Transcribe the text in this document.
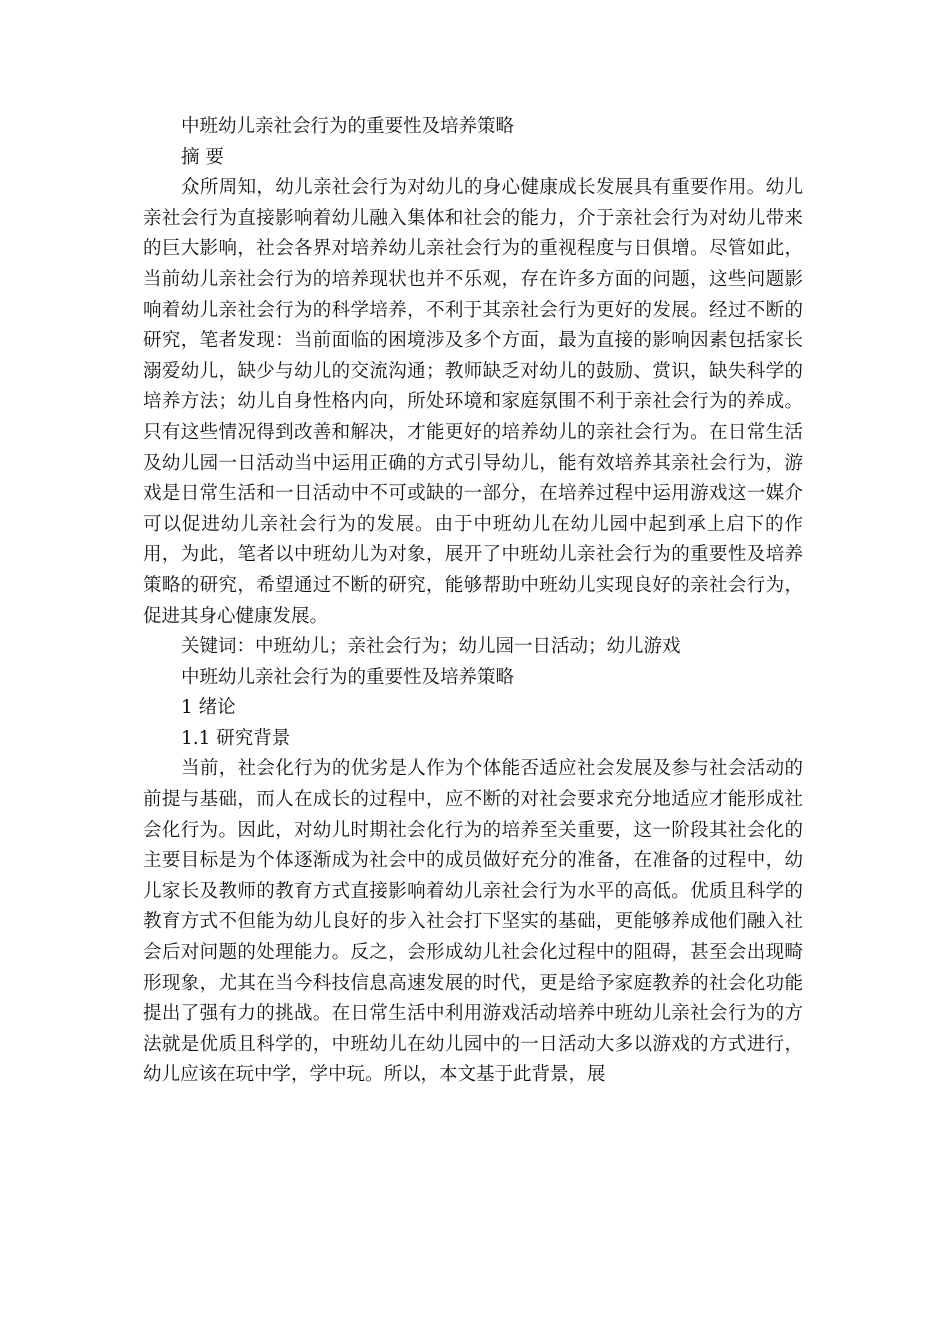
中班幼儿亲社会行为的重要性及培养策略

摘 要

众所周知，幼儿亲社会行为对幼儿的身心健康成长发展具有重要作用。幼儿亲社会行为直接影响着幼儿融入集体和社会的能力，介于亲社会行为对幼儿带来的巨大影响，社会各界对培养幼儿亲社会行为的重视程度与日俱增。尽管如此，当前幼儿亲社会行为的培养现状也并不乐观，存在许多方面的问题，这些问题影响着幼儿亲社会行为的科学培养，不利于其亲社会行为更好的发展。经过不断的研究，笔者发现：当前面临的困境涉及多个方面，最为直接的影响因素包括家长溺爱幼儿，缺少与幼儿的交流沟通；教师缺乏对幼儿的鼓励、赏识，缺失科学的培养方法；幼儿自身性格内向，所处环境和家庭氛围不利于亲社会行为的养成。只有这些情况得到改善和解决，才能更好的培养幼儿的亲社会行为。在日常生活及幼儿园一日活动当中运用正确的方式引导幼儿，能有效培养其亲社会行为，游戏是日常生活和一日活动中不可或缺的一部分，在培养过程中运用游戏这一媒介可以促进幼儿亲社会行为的发展。由于中班幼儿在幼儿园中起到承上启下的作用，为此，笔者以中班幼儿为对象，展开了中班幼儿亲社会行为的重要性及培养策略的研究，希望通过不断的研究，能够帮助中班幼儿实现良好的亲社会行为，促进其身心健康发展。

关键词：中班幼儿；亲社会行为；幼儿园一日活动；幼儿游戏

中班幼儿亲社会行为的重要性及培养策略

1 绪论

1.1 研究背景

当前，社会化行为的优劣是人作为个体能否适应社会发展及参与社会活动的前提与基础，而人在成长的过程中，应不断的对社会要求充分地适应才能形成社会化行为。因此，对幼儿时期社会化行为的培养至关重要，这一阶段其社会化的主要目标是为个体逐渐成为社会中的成员做好充分的准备，在准备的过程中，幼儿家长及教师的教育方式直接影响着幼儿亲社会行为水平的高低。优质且科学的教育方式不但能为幼儿良好的步入社会打下坚实的基础，更能够养成他们融入社会后对问题的处理能力。反之，会形成幼儿社会化过程中的阻碍，甚至会出现畸形现象，尤其在当今科技信息高速发展的时代，更是给予家庭教养的社会化功能提出了强有力的挑战。在日常生活中利用游戏活动培养中班幼儿亲社会行为的方法就是优质且科学的，中班幼儿在幼儿园中的一日活动大多以游戏的方式进行，幼儿应该在玩中学，学中玩。所以，本文基于此背景，展
